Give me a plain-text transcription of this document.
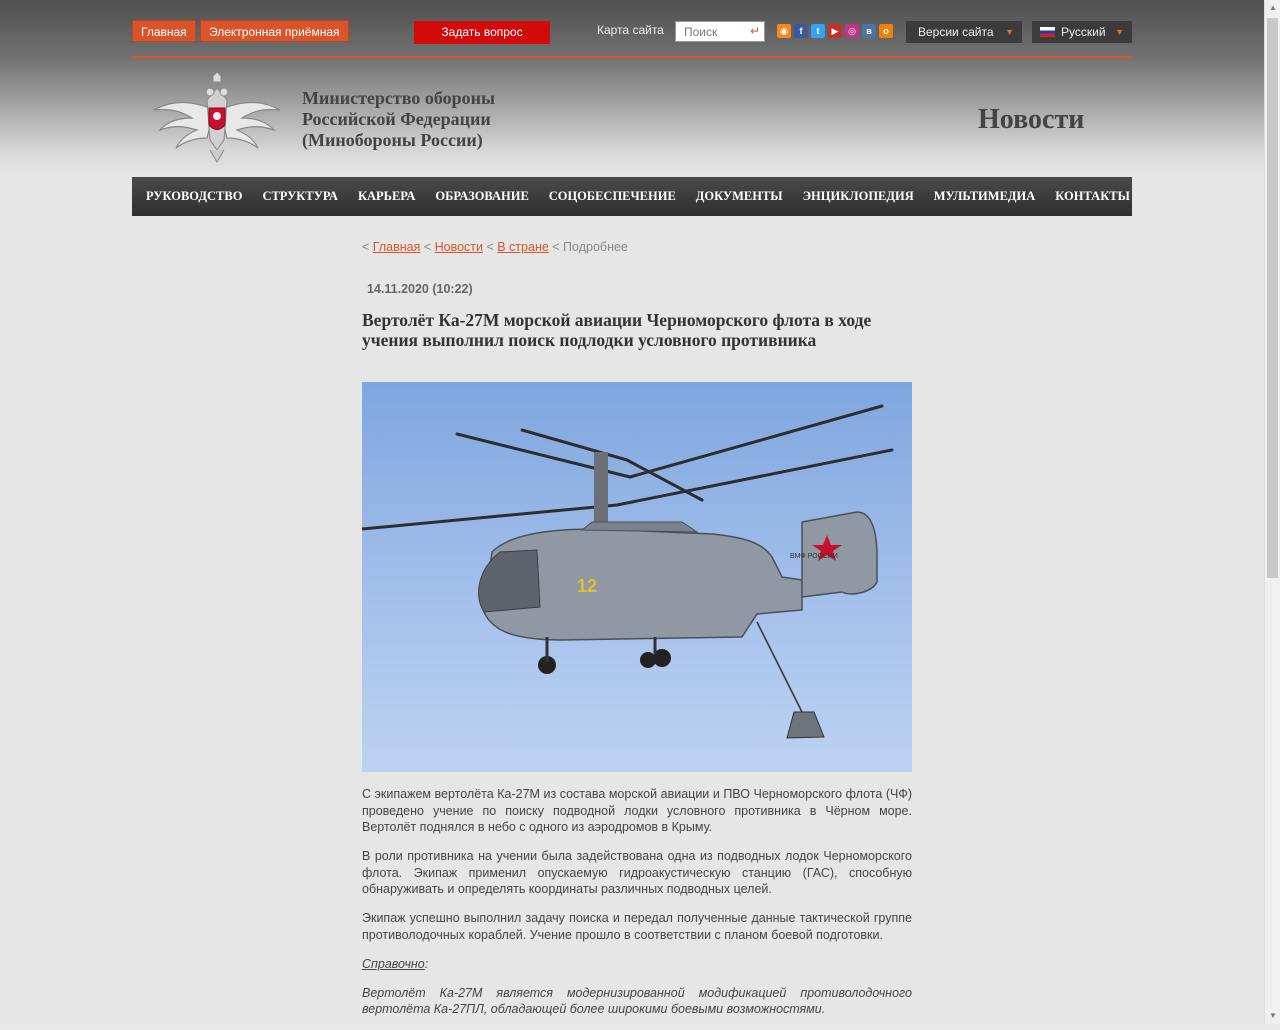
Главная	Электронная приёмная	Задать вопрос	Карта сайта
Поиск	↵	◉ f t ▶ ◎ в о	Версии сайта ▼	Русский ▼
Министерство обороны
Российской Федерации
(Минобороны России)
Новости
РУКОВОДСТВО	СТРУКТУРА	КАРЬЕРА	ОБРАЗОВАНИЕ	СОЦОБЕСПЕЧЕНИЕ	ДОКУМЕНТЫ	ЭНЦИКЛОПЕДИЯ	МУЛЬТИМЕДИА	КОНТАКТЫ
< Главная < Новости < В стране < Подробнее
14.11.2020 (10:22)
Вертолёт Ка-27М морской авиации Черноморского флота в ходе учения выполнил поиск подлодки условного противника
ВМФ РОССИИ
12

С экипажем вертолёта Ка-27М из состава морской авиации и ПВО Черноморского флота (ЧФ) проведено учение по поиску подводной лодки условного противника в Чёрном море. Вертолёт поднялся в небо с одного из аэродромов в Крыму.

В роли противника на учении была задействована одна из подводных лодок Черноморского флота. Экипаж применил опускаемую гидроакустическую станцию (ГАС), способную обнаруживать и определять координаты различных подводных целей.

Экипаж успешно выполнил задачу поиска и передал полученные данные тактической группе противолодочных кораблей. Учение прошло в соответствии с планом боевой подготовки.

Справочно:

Вертолёт Ка-27М является модернизированной модификацией противолодочного вертолёта Ка-27ПЛ, обладающей более широкими боевыми возможностями.

▲
▼
